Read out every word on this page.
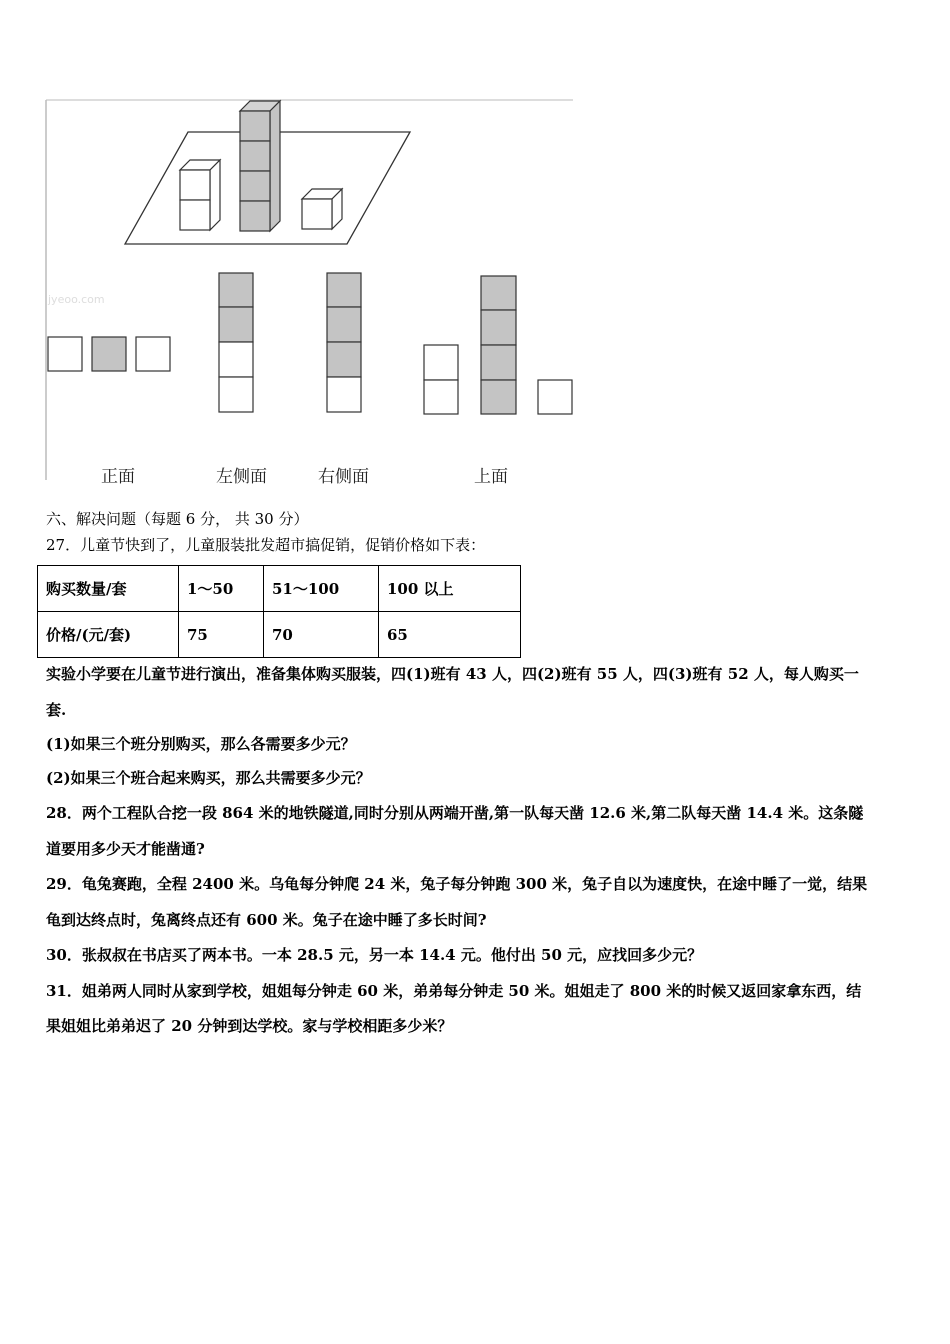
jyeoo.com
正面	左侧面	右侧面	上面
六、解决问题（每题 6 分， 共 30 分）
27．儿童节快到了，儿童服装批发超市搞促销，促销价格如下表：
购买数量/套	1～50	51～100	100 以上
价格/(元/套)	75	70	65
实验小学要在儿童节进行演出，准备集体购买服装，四(1)班有 43 人，四(2)班有 55 人，四(3)班有 52 人，每人购买一
套.
(1)如果三个班分别购买，那么各需要多少元？
(2)如果三个班合起来购买，那么共需要多少元？
28．两个工程队合挖一段 864 米的地铁隧道,同时分别从两端开凿,第一队每天凿 12.6 米,第二队每天凿 14.4 米。这条隧
道要用多少天才能凿通?
29．龟兔赛跑，全程 2400 米。乌龟每分钟爬 24 米，兔子每分钟跑 300 米，兔子自以为速度快，在途中睡了一觉，结果
龟到达终点时，兔离终点还有 600 米。兔子在途中睡了多长时间?
30．张叔叔在书店买了两本书。一本 28.5 元，另一本 14.4 元。他付出 50 元，应找回多少元？
31．姐弟两人同时从家到学校，姐姐每分钟走 60 米，弟弟每分钟走 50 米。姐姐走了 800 米的时候又返回家拿东西，结
果姐姐比弟弟迟了 20 分钟到达学校。家与学校相距多少米？
